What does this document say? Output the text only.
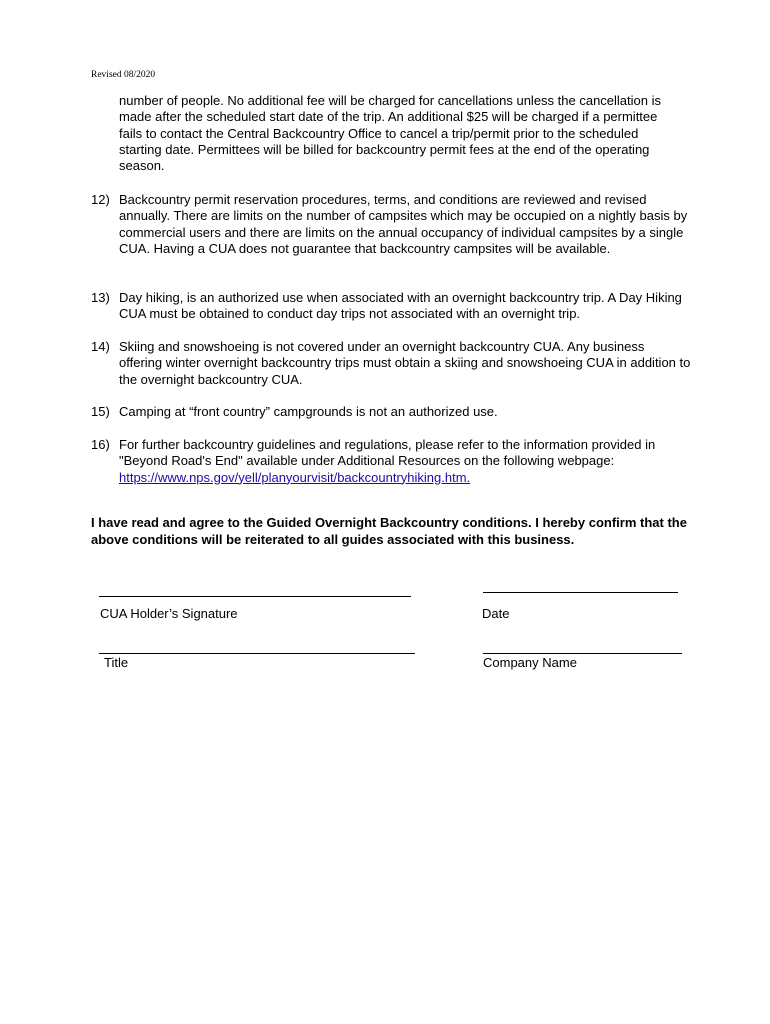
Revised 08/2020

number of people. No additional fee will be charged for cancellations unless the cancellation is made after the scheduled start date of the trip. An additional $25 will be charged if a permittee fails to contact the Central Backcountry Office to cancel a trip/permit prior to the scheduled starting date. Permittees will be billed for backcountry permit fees at the end of the operating season.

12) Backcountry permit reservation procedures, terms, and conditions are reviewed and revised annually. There are limits on the number of campsites which may be occupied on a nightly basis by commercial users and there are limits on the annual occupancy of individual campsites by a single CUA. Having a CUA does not guarantee that backcountry campsites will be available.
13) Day hiking, is an authorized use when associated with an overnight backcountry trip. A Day Hiking CUA must be obtained to conduct day trips not associated with an overnight trip.
14) Skiing and snowshoeing is not covered under an overnight backcountry CUA. Any business offering winter overnight backcountry trips must obtain a skiing and snowshoeing CUA in addition to the overnight backcountry CUA.
15) Camping at “front country” campgrounds is not an authorized use.
16) For further backcountry guidelines and regulations, please refer to the information provided in "Beyond Road's End" available under Additional Resources on the following webpage:
https://www.nps.gov/yell/planyourvisit/backcountryhiking.htm.

I have read and agree to the Guided Overnight Backcountry conditions. I hereby confirm that the above conditions will be reiterated to all guides associated with this business.

CUA Holder’s Signature	Date
Title	Company Name
